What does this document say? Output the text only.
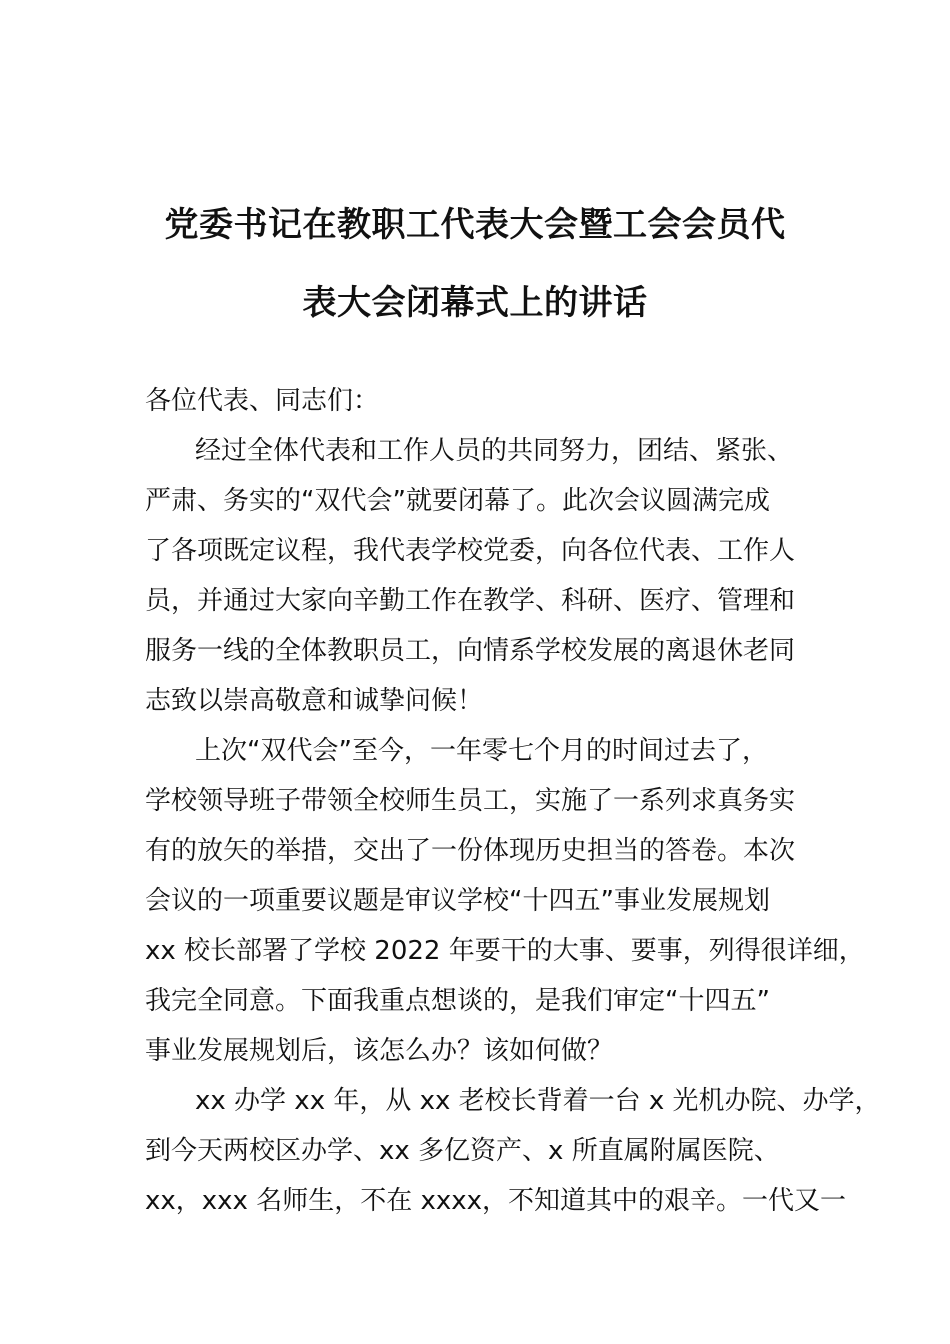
党委书记在教职工代表大会暨工会会员代
表大会闭幕式上的讲话
各位代表、同志们：
经过全体代表和工作人员的共同努力，团结、紧张、
严肃、务实的“双代会”就要闭幕了。此次会议圆满完成
了各项既定议程，我代表学校党委，向各位代表、工作人
员，并通过大家向辛勤工作在教学、科研、医疗、管理和
服务一线的全体教职员工，向情系学校发展的离退休老同
志致以崇高敬意和诚挚问候！
上次“双代会”至今，一年零七个月的时间过去了，
学校领导班子带领全校师生员工，实施了一系列求真务实
有的放矢的举措，交出了一份体现历史担当的答卷。本次
会议的一项重要议题是审议学校“十四五”事业发展规划
xx 校长部署了学校 2022 年要干的大事、要事，列得很详细，
我完全同意。下面我重点想谈的，是我们审定“十四五”
事业发展规划后，该怎么办？该如何做？
xx 办学 xx 年，从 xx 老校长背着一台 x 光机办院、办学，
到今天两校区办学、xx 多亿资产、x 所直属附属医院、
xx，xxx 名师生，不在 xxxx，不知道其中的艰辛。一代又一
